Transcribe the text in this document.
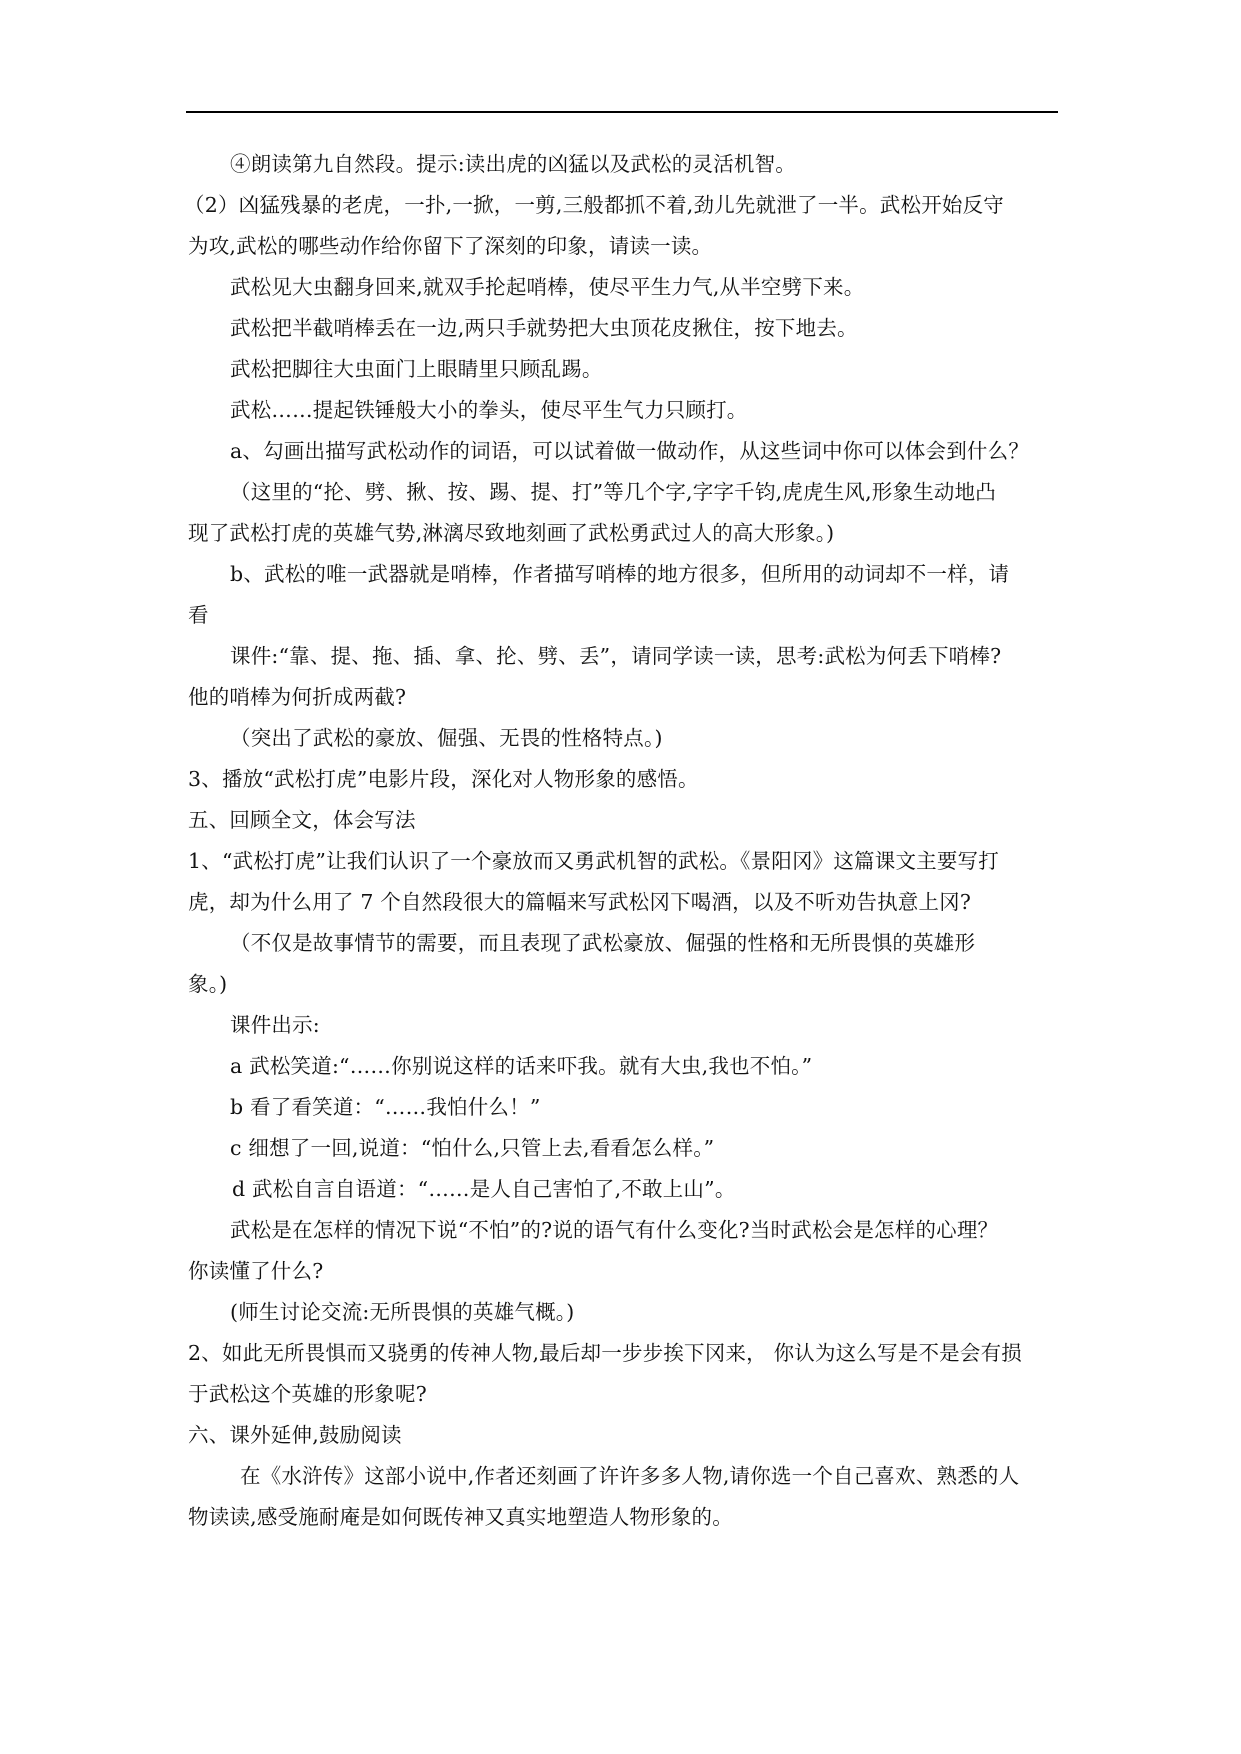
④朗读第九自然段。提示:读出虎的凶猛以及武松的灵活机智。
（2）凶猛残暴的老虎，一扑,一掀，一剪,三般都抓不着,劲儿先就泄了一半。武松开始反守
为攻,武松的哪些动作给你留下了深刻的印象，请读一读。
武松见大虫翻身回来,就双手抡起哨棒，使尽平生力气,从半空劈下来。
武松把半截哨棒丢在一边,两只手就势把大虫顶花皮揪住，按下地去。
武松把脚往大虫面门上眼睛里只顾乱踢。
武松……提起铁锤般大小的拳头，使尽平生气力只顾打。
a、勾画出描写武松动作的词语，可以试着做一做动作，从这些词中你可以体会到什么？
（这里的“抡、劈、揪、按、踢、提、打”等几个字,字字千钧,虎虎生风,形象生动地凸
现了武松打虎的英雄气势,淋漓尽致地刻画了武松勇武过人的高大形象。)
b、武松的唯一武器就是哨棒，作者描写哨棒的地方很多，但所用的动词却不一样，请
看
课件:“靠、提、拖、插、拿、抡、劈、丢”，请同学读一读，思考:武松为何丢下哨棒?
他的哨棒为何折成两截?
（突出了武松的豪放、倔强、无畏的性格特点。)
3、播放“武松打虎”电影片段，深化对人物形象的感悟。
五、回顾全文，体会写法
1、“武松打虎”让我们认识了一个豪放而又勇武机智的武松。《景阳冈》这篇课文主要写打
虎，却为什么用了 7 个自然段很大的篇幅来写武松冈下喝酒，以及不听劝告执意上冈?
（不仅是故事情节的需要，而且表现了武松豪放、倔强的性格和无所畏惧的英雄形
象。)
课件出示:
a 武松笑道:“……你别说这样的话来吓我。就有大虫,我也不怕。”
b 看了看笑道：“……我怕什么！”
c 细想了一回,说道：“怕什么,只管上去,看看怎么样。”
d 武松自言自语道：“……是人自己害怕了,不敢上山”。
武松是在怎样的情况下说“不怕”的?说的语气有什么变化?当时武松会是怎样的心理？
你读懂了什么?
(师生讨论交流:无所畏惧的英雄气概。)
2、如此无所畏惧而又骁勇的传神人物,最后却一步步挨下冈来， 你认为这么写是不是会有损
于武松这个英雄的形象呢?
六、课外延伸,鼓励阅读
在《水浒传》这部小说中,作者还刻画了许许多多人物,请你选一个自己喜欢、熟悉的人
物读读,感受施耐庵是如何既传神又真实地塑造人物形象的。
